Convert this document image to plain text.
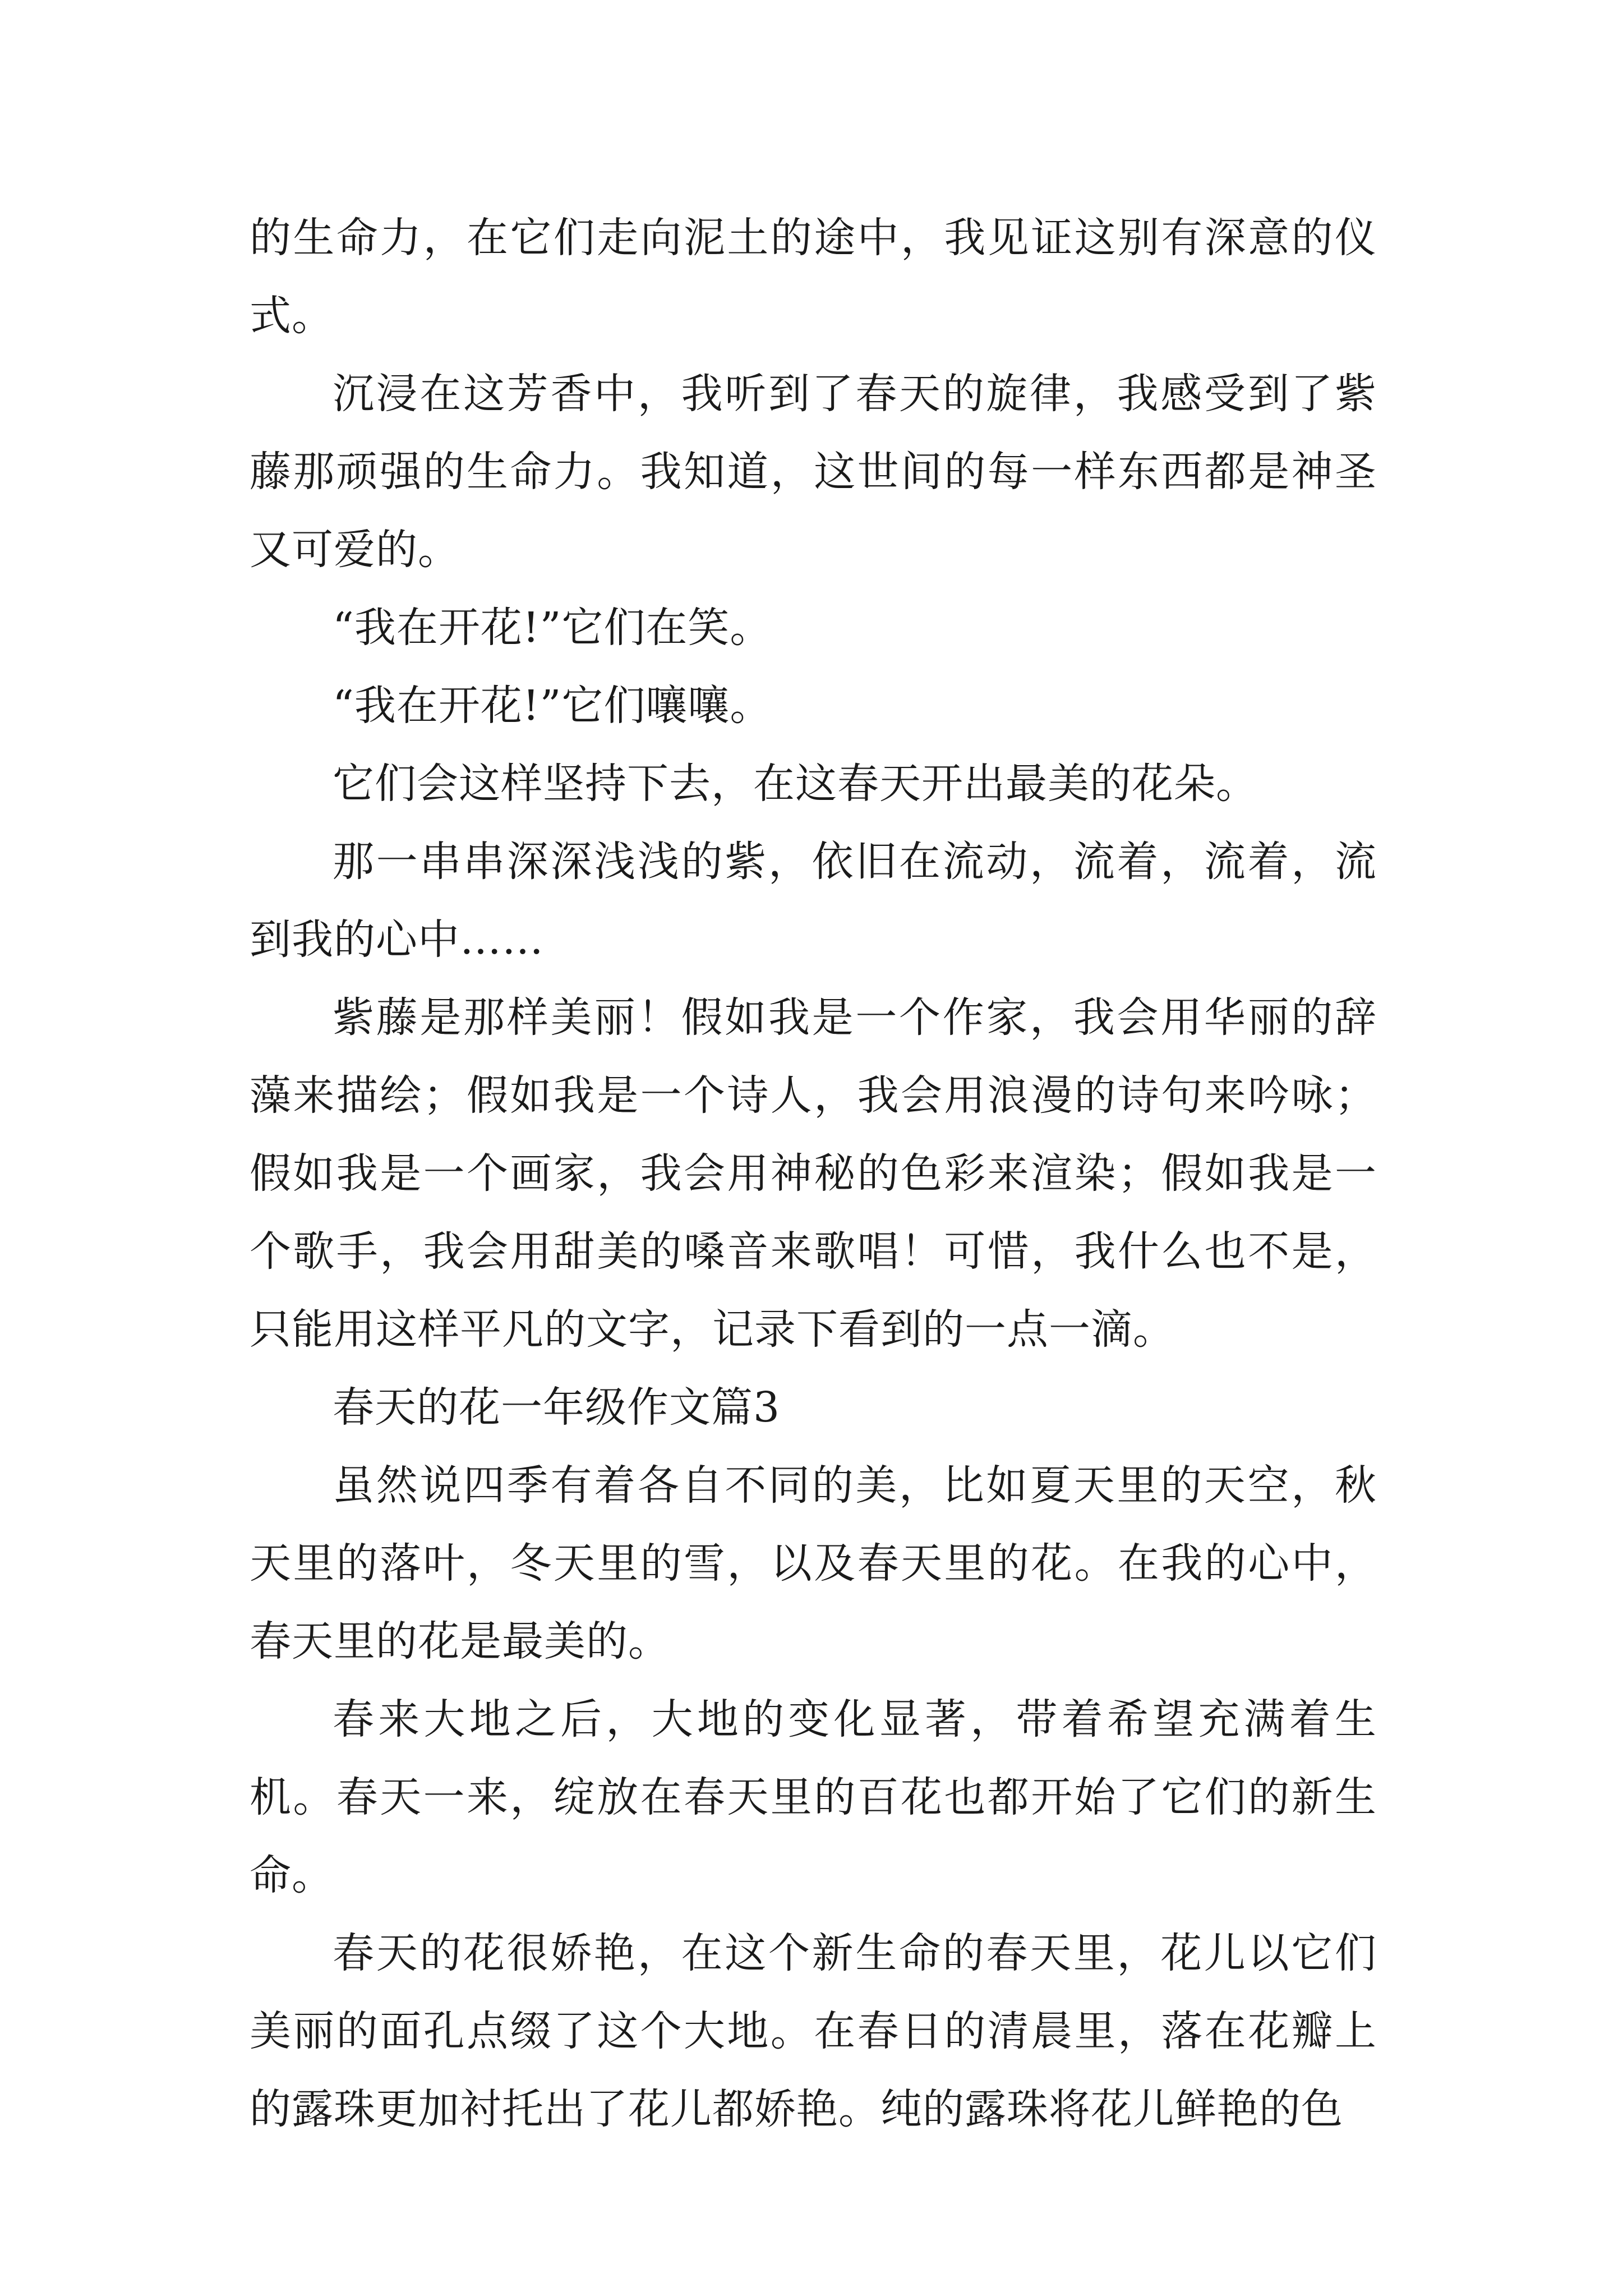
的生命力，在它们走向泥土的途中，我见证这别有深意的仪式。

沉浸在这芳香中，我听到了春天的旋律，我感受到了紫藤那顽强的生命力。我知道，这世间的每一样东西都是神圣又可爱的。

“我在开花!”它们在笑。

“我在开花!”它们嚷嚷。

它们会这样坚持下去，在这春天开出最美的花朵。

那一串串深深浅浅的紫，依旧在流动，流着，流着，流到我的心中……

紫藤是那样美丽！假如我是一个作家，我会用华丽的辞藻来描绘；假如我是一个诗人，我会用浪漫的诗句来吟咏；假如我是一个画家，我会用神秘的色彩来渲染；假如我是一个歌手，我会用甜美的嗓音来歌唱！可惜，我什么也不是，只能用这样平凡的文字，记录下看到的一点一滴。

春天的花一年级作文篇3

虽然说四季有着各自不同的美，比如夏天里的天空，秋天里的落叶，冬天里的雪，以及春天里的花。在我的心中，春天里的花是最美的。

春来大地之后，大地的变化显著，带着希望充满着生机。春天一来，绽放在春天里的百花也都开始了它们的新生命。

春天的花很娇艳，在这个新生命的春天里，花儿以它们美丽的面孔点缀了这个大地。在春日的清晨里，落在花瓣上的露珠更加衬托出了花儿都娇艳。纯的露珠将花儿鲜艳的色
